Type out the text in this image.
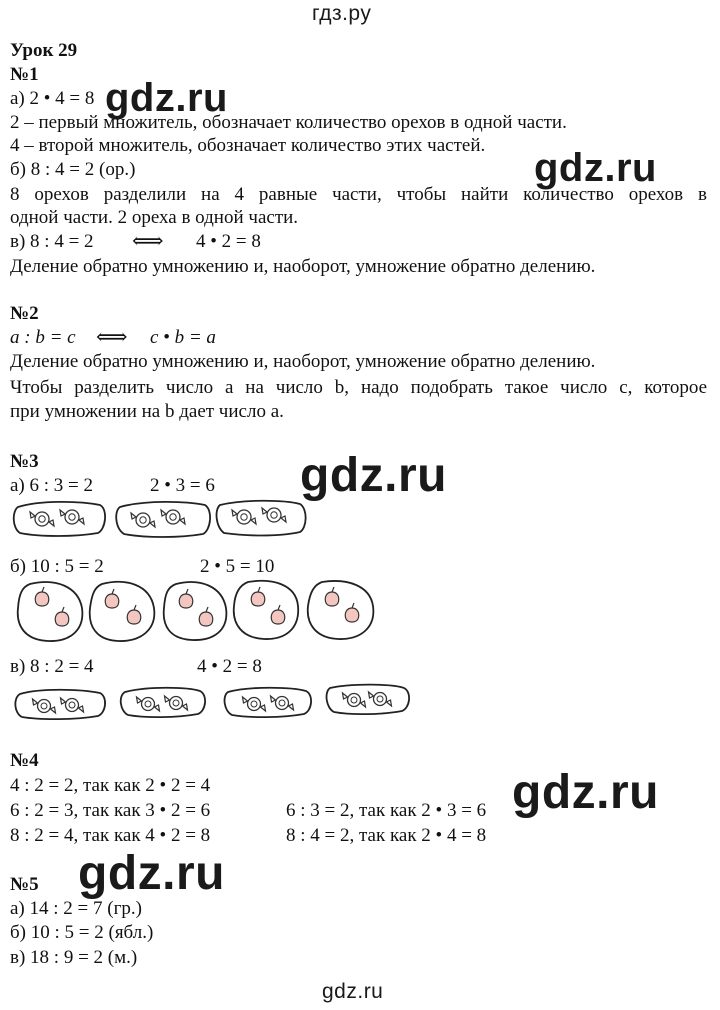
гдз.ру
Урок 29
№1
а) 2 • 4 = 8
2 – первый множитель, обозначает количество орехов в одной части.
4 – второй множитель, обозначает количество этих частей.
б) 8 : 4 = 2 (ор.)
8 орехов разделили на 4 равные части, чтобы найти количество орехов в
одной части. 2 ореха в одной части.
в) 8 : 4 = 2 ⟺ 4 • 2 = 8
Деление обратно умножению и, наоборот, умножение обратно делению.
№2
a : b = c ⟺ c • b = a
Деление обратно умножению и, наоборот, умножение обратно делению.
Чтобы разделить число a на число b, надо подобрать такое число c, которое
при умножении на b дает число a.
№3
а) 6 : 3 = 2	2 • 3 = 6
б) 10 : 5 = 2	2 • 5 = 10
в) 8 : 2 = 4	4 • 2 = 8
№4
4 : 2 = 2, так как 2 • 2 = 4
6 : 2 = 3, так как 3 • 2 = 6	6 : 3 = 2, так как 2 • 3 = 6
8 : 2 = 4, так как 4 • 2 = 8	8 : 4 = 2, так как 2 • 4 = 8
№5
а) 14 : 2 = 7 (гр.)
б) 10 : 5 = 2 (ябл.)
в) 18 : 9 = 2 (м.)
gdz.ru
gdz.ru
gdz.ru
gdz.ru
gdz.ru
gdz.ru
